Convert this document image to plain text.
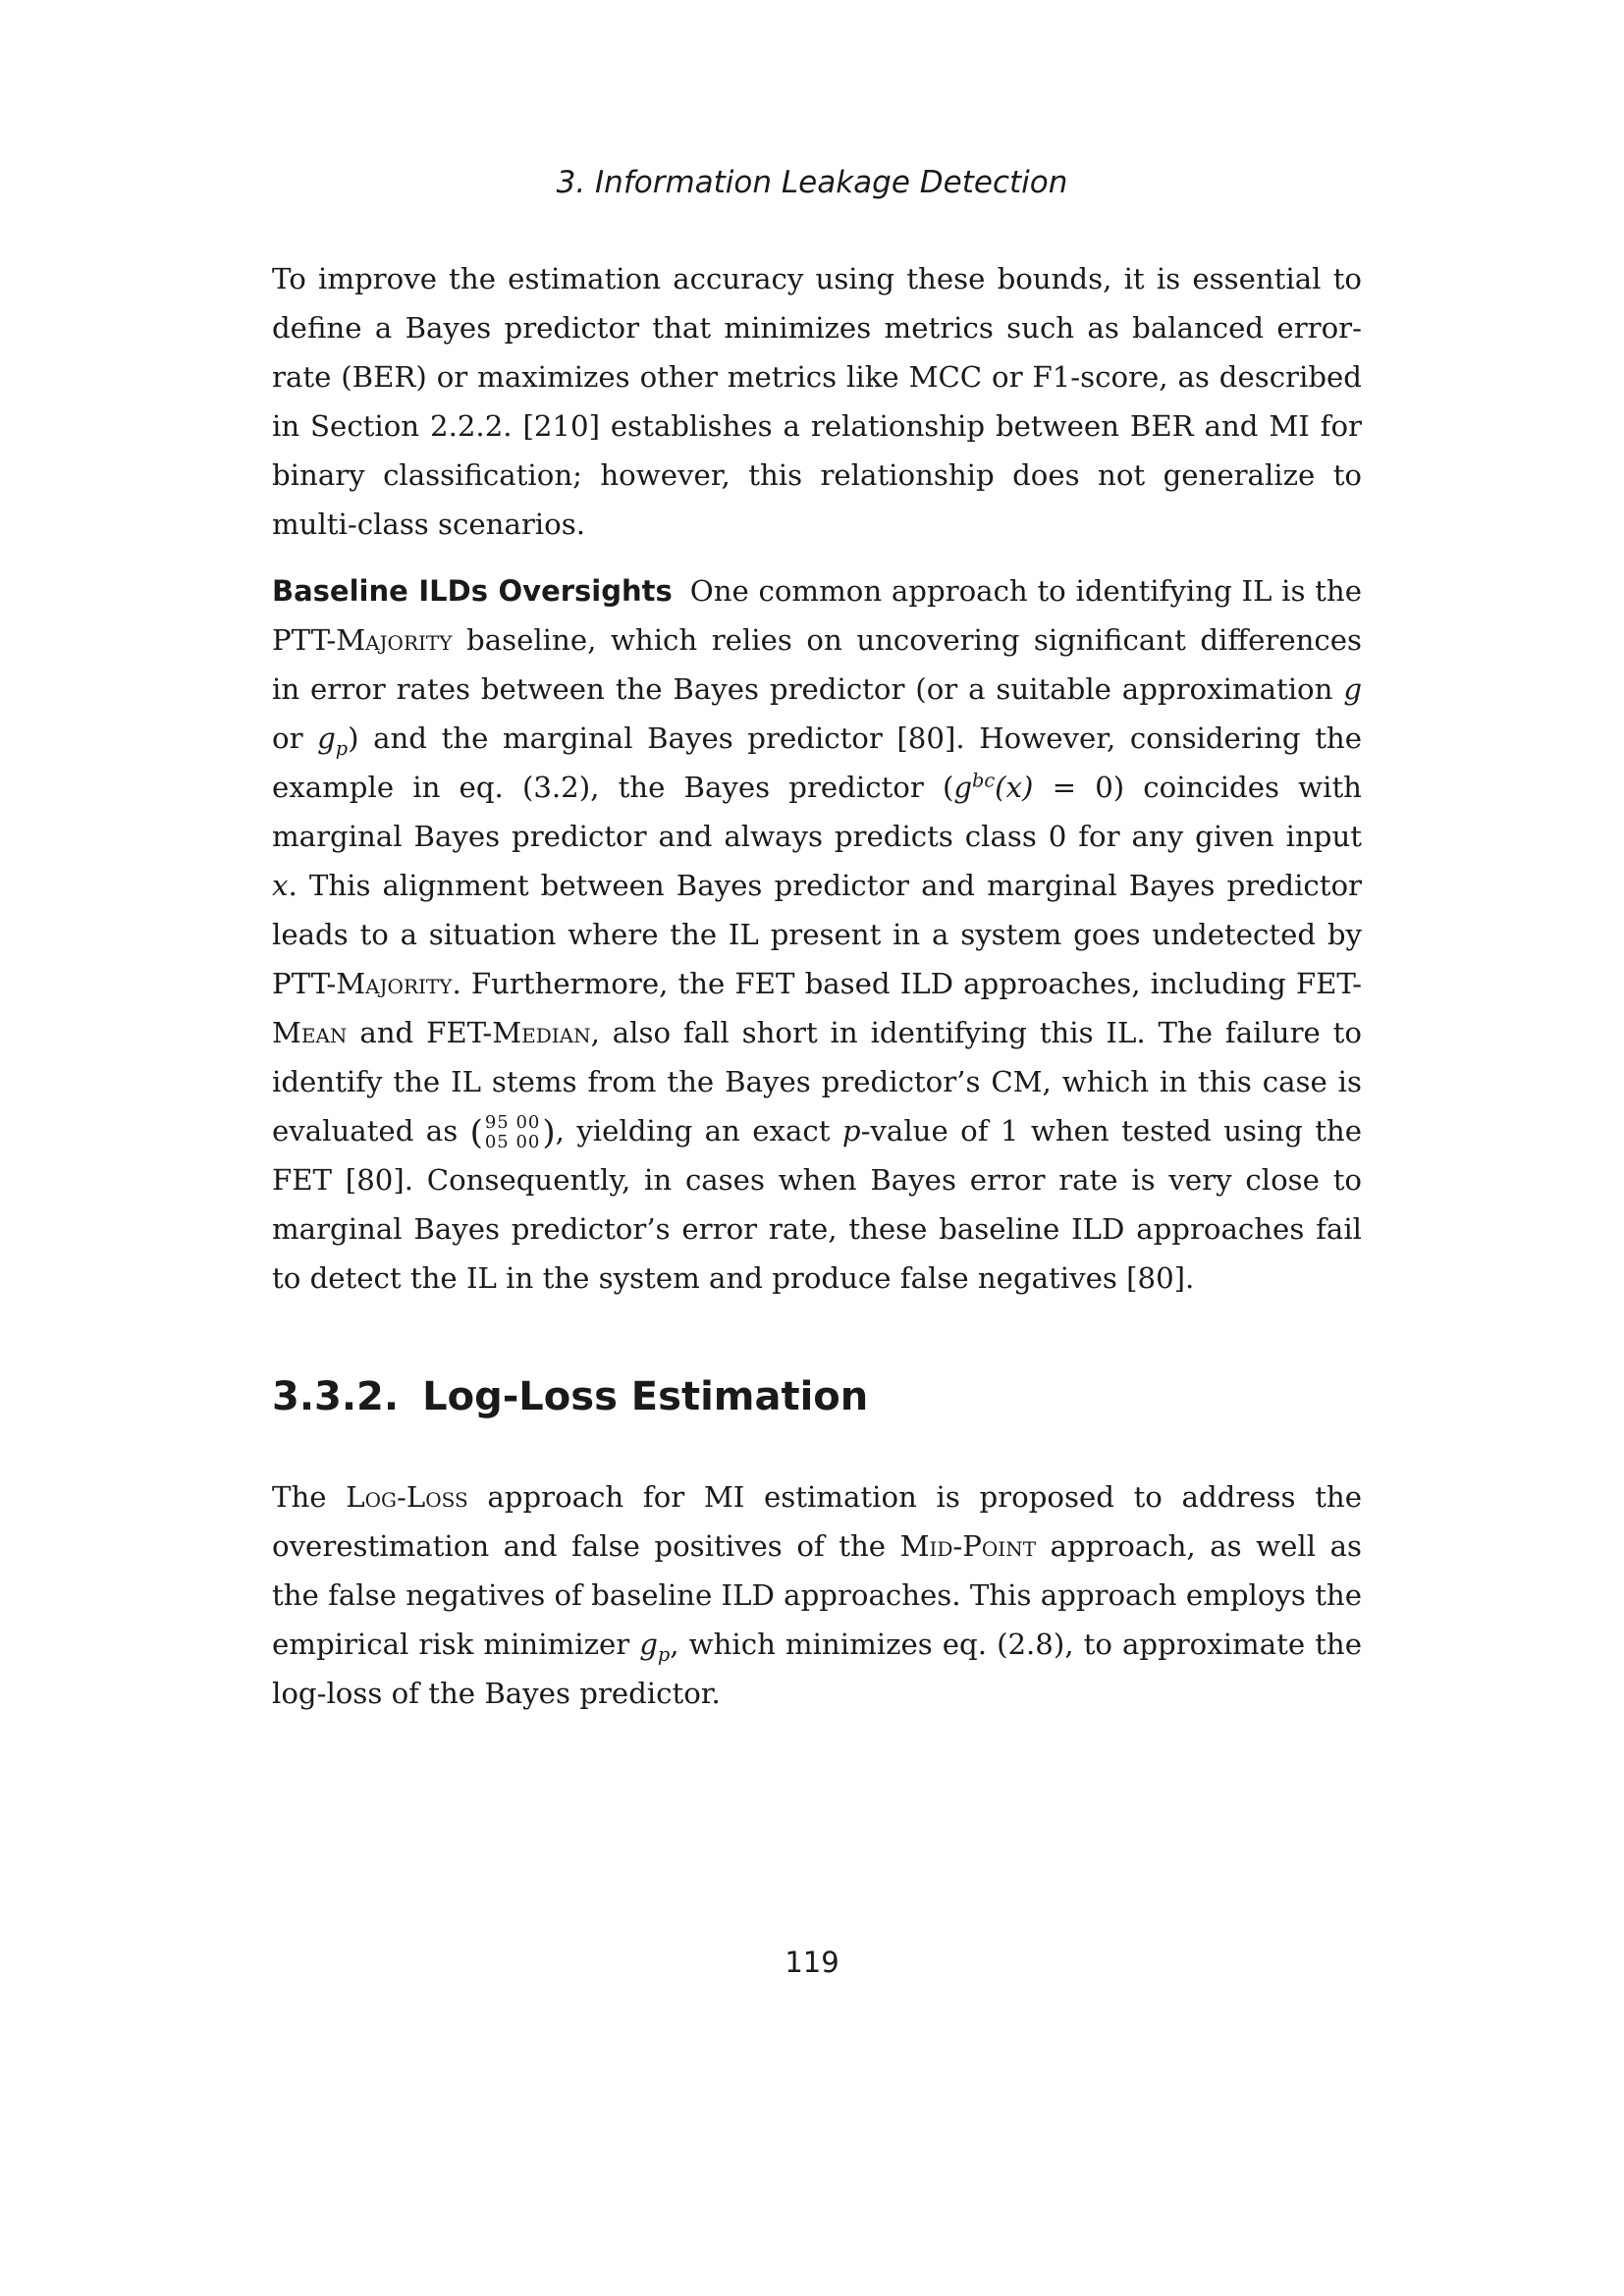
3. Information Leakage Detection
To improve the estimation accuracy using these bounds, it is essential to define a Bayes predictor that minimizes metrics such as balanced error-rate (BER) or maximizes other metrics like MCC or F1-score, as described in Section 2.2.2. [210] establishes a relationship between BER and MI for binary classification; however, this relationship does not generalize to multi-class scenarios.
Baseline ILDs Oversights One common approach to identifying IL is the PTT-Majority baseline, which relies on uncovering significant differences in error rates between the Bayes predictor (or a suitable approximation g or $g_p$) and the marginal Bayes predictor [80]. However, considering the example in eq. (3.2), the Bayes predictor $(g^{bc}(x) = 0)$ coincides with marginal Bayes predictor and always predicts class 0 for any given input x. This alignment between Bayes predictor and marginal Bayes predictor leads to a situation where the IL present in a system goes undetected by PTT-Majority. Furthermore, the FET based ILD approaches, including FET-Mean and FET-Median, also fall short in identifying this IL. The failure to identify the IL stems from the Bayes predictor’s CM, which in this case is evaluated as ( 95 00
05 00 ) , yielding an exact p-value of 1 when tested using the FET [80]. Consequently, in cases when Bayes error rate is very close to marginal Bayes predictor’s error rate, these baseline ILD approaches fail to detect the IL in the system and produce false negatives [80].
3.3.2. Log-Loss Estimation
The Log-Loss approach for MI estimation is proposed to address the overestimation and false positives of the Mid-Point approach, as well as the false negatives of baseline ILD approaches. This approach employs the empirical risk minimizer $g_p$, which minimizes eq. (2.8), to approximate the log-loss of the Bayes predictor.
119
